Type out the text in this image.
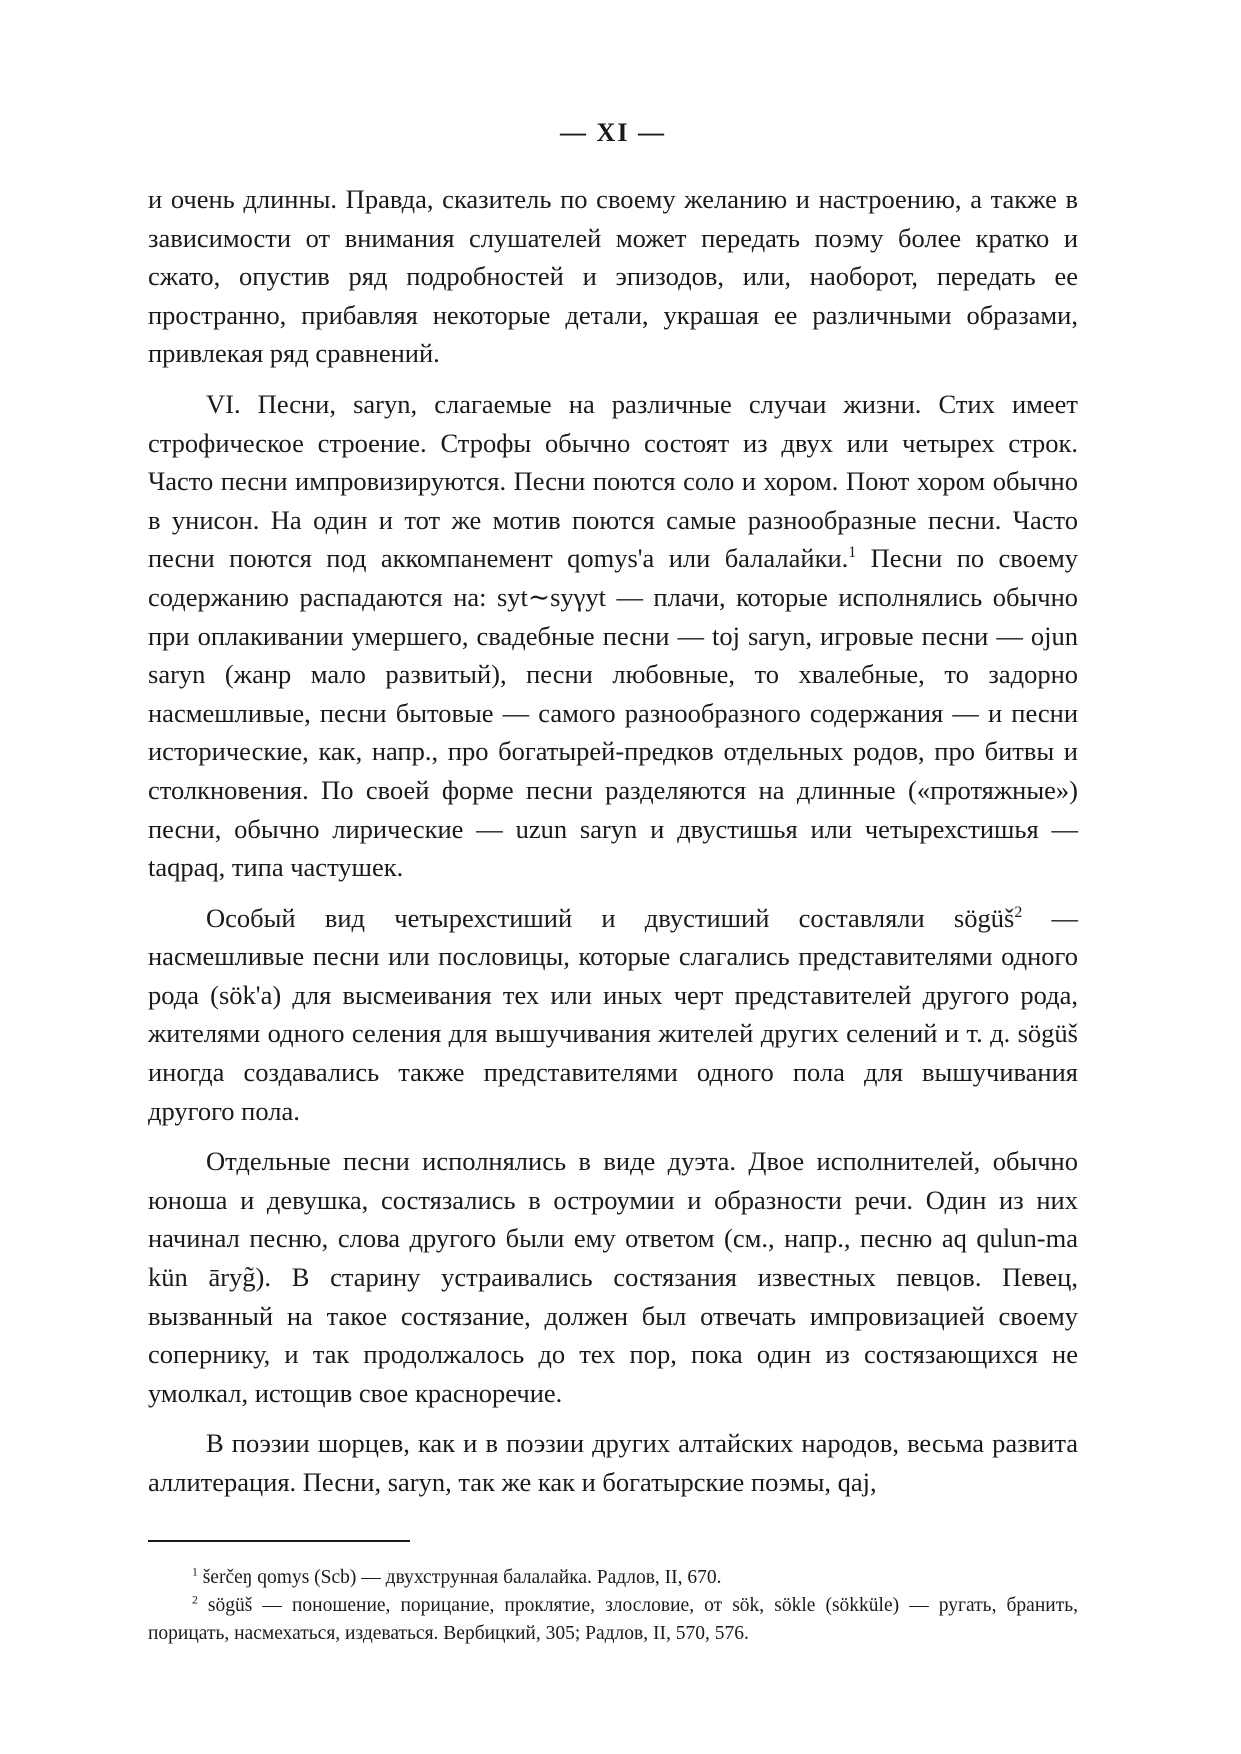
— XI —

и очень длинны. Правда, сказитель по своему желанию и настроению, а также в зависимости от внимания слушателей может передать поэму более кратко и сжато, опустив ряд подробностей и эпизодов, или, наоборот, передать ее пространно, прибавляя некоторые детали, украшая ее различными образами, привлекая ряд сравнений.

VI. Песни, saryn, слагаемые на различные случаи жизни. Стих имеет строфическое строение. Строфы обычно состоят из двух или четырех строк. Часто песни импровизируются. Песни поются соло и хором. Поют хором обычно в унисон. На один и тот же мотив поются самые разнообразные песни. Часто песни поются под аккомпанемент qomys'а или балалайки.$^1$ Песни по своему содержанию распадаются на: sуt∼syγyt — плачи, которые исполнялись обычно при оплакивании умершего, свадебные песни — toj saryn, игровые песни — ojun saryn (жанр мало развитый), песни любовные, то хвалебные, то задорно насмешливые, песни бытовые — самого разнообразного содержания — и песни исторические, как, напр., про богатырей-предков отдельных родов, про битвы и столкновения. По своей форме песни разделяются на длинные («протяжные») песни, обычно лирические — uzun saryn и двустишья или четырехстишья — taqpaq, типа частушек.

Особый вид четырехстиший и двустиший составляли sögüš$^2$ — насмешливые песни или пословицы, которые слагались представителями одного рода (sök'а) для высмеивания тех или иных черт представителей другого рода, жителями одного селения для вышучивания жителей других селений и т. д. sögüš иногда создавались также представителями одного пола для вышучивания другого пола.

Отдельные песни исполнялись в виде дуэта. Двое исполнителей, обычно юноша и девушка, состязались в остроумии и образности речи. Один из них начинал песню, слова другого были ему ответом (см., напр., песню aq qulun-ma kün āryg̃). В старину устраивались состязания известных певцов. Певец, вызванный на такое состязание, должен был отвечать импровизацией своему сопернику, и так продолжалось до тех пор, пока один из состязающихся не умолкал, истощив свое красноречие.

В поэзии шорцев, как и в поэзии других алтайских народов, весьма развита аллитерация. Песни, saryn, так же как и богатырские поэмы, qaj,

$^1$ šerčeŋ qomys (Scb) — двухструнная балалайка. Радлов, II, 670.

$^2$ sögüš — поношение, порицание, проклятие, злословие, от sök, sökle (sökküle) — ругать, бранить, порицать, насмехаться, издеваться. Вербицкий, 305; Радлов, II, 570, 576.
